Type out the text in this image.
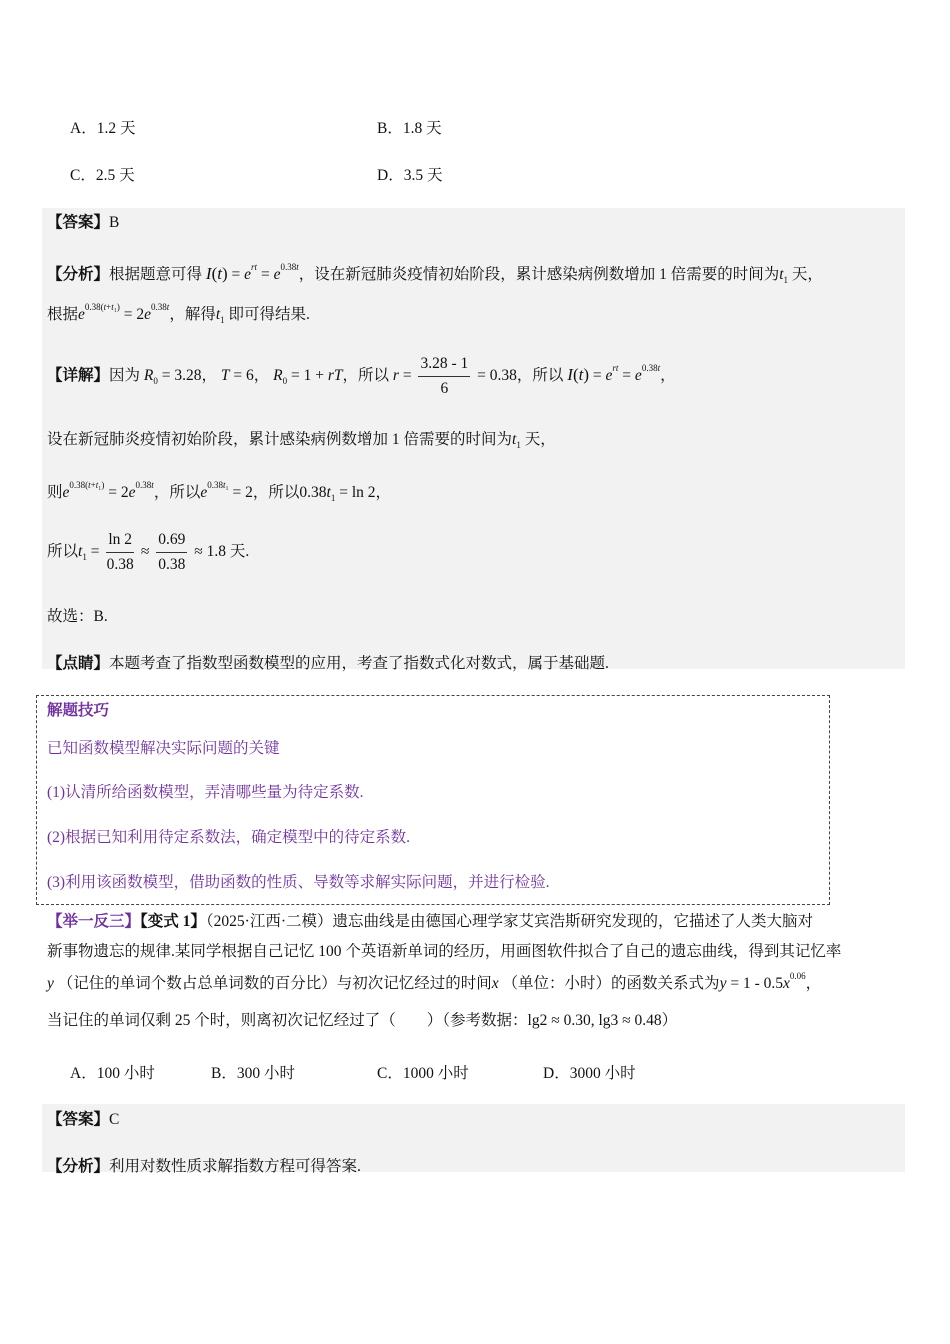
A．1.2 天	B．1.8 天
C．2.5 天	D．3.5 天
【答案】B
【分析】根据题意可得 $I(t) = e^{rt} = e^{0.38t}$，设在新冠肺炎疫情初始阶段，累计感染病例数增加 1 倍需要的时间为$t_1$ 天，
根据$e^{0.38(t+t_1)} = 2e^{0.38t}$，解得$t_1$ 即可得结果.
【详解】因为 $R_0 = 3.28$， T = 6， $R_0 = 1$ + rT，所以 $r = \frac{3.28 - 1}{6} = 0.38$，所以 $I(t) = e^{rt} = e^{0.38t}$，
设在新冠肺炎疫情初始阶段，累计感染病例数增加 1 倍需要的时间为$t_1$ 天，
则$e^{0.38(t+t_1)} = 2e^{0.38t}$，所以$e^{0.38t_1} = 2$，所以$0.38t_1 = \ln 2$，
所以$t_1 = \frac{\ln 2}{0.38} \approx \frac{0.69}{0.38} \approx 1.8$ 天.
故选：B.
【点睛】本题考查了指数型函数模型的应用，考查了指数式化对数式，属于基础题.
解题技巧
已知函数模型解决实际问题的关键
(1)认清所给函数模型，弄清哪些量为待定系数.
(2)根据已知利用待定系数法，确定模型中的待定系数.
(3)利用该函数模型，借助函数的性质、导数等求解实际问题，并进行检验.
【举一反三】【变式 1】（2025·江西·二模）遗忘曲线是由德国心理学家艾宾浩斯研究发现的，它描述了人类大脑对
新事物遗忘的规律.某同学根据自己记忆 100 个英语新单词的经历，用画图软件拟合了自己的遗忘曲线，得到其记忆率
y （记住的单词个数占总单词数的百分比）与初次记忆经过的时间x （单位：小时）的函数关系式为$y = 1 - 0.5x^{0.06}$，
当记住的单词仅剩 25 个时，则离初次记忆经过了（　　）（参考数据：lg2 ≈ 0.30, lg3 ≈ 0.48）
A．100 小时	B．300 小时	C．1000 小时	D．3000 小时
【答案】C
【分析】利用对数性质求解指数方程可得答案.
